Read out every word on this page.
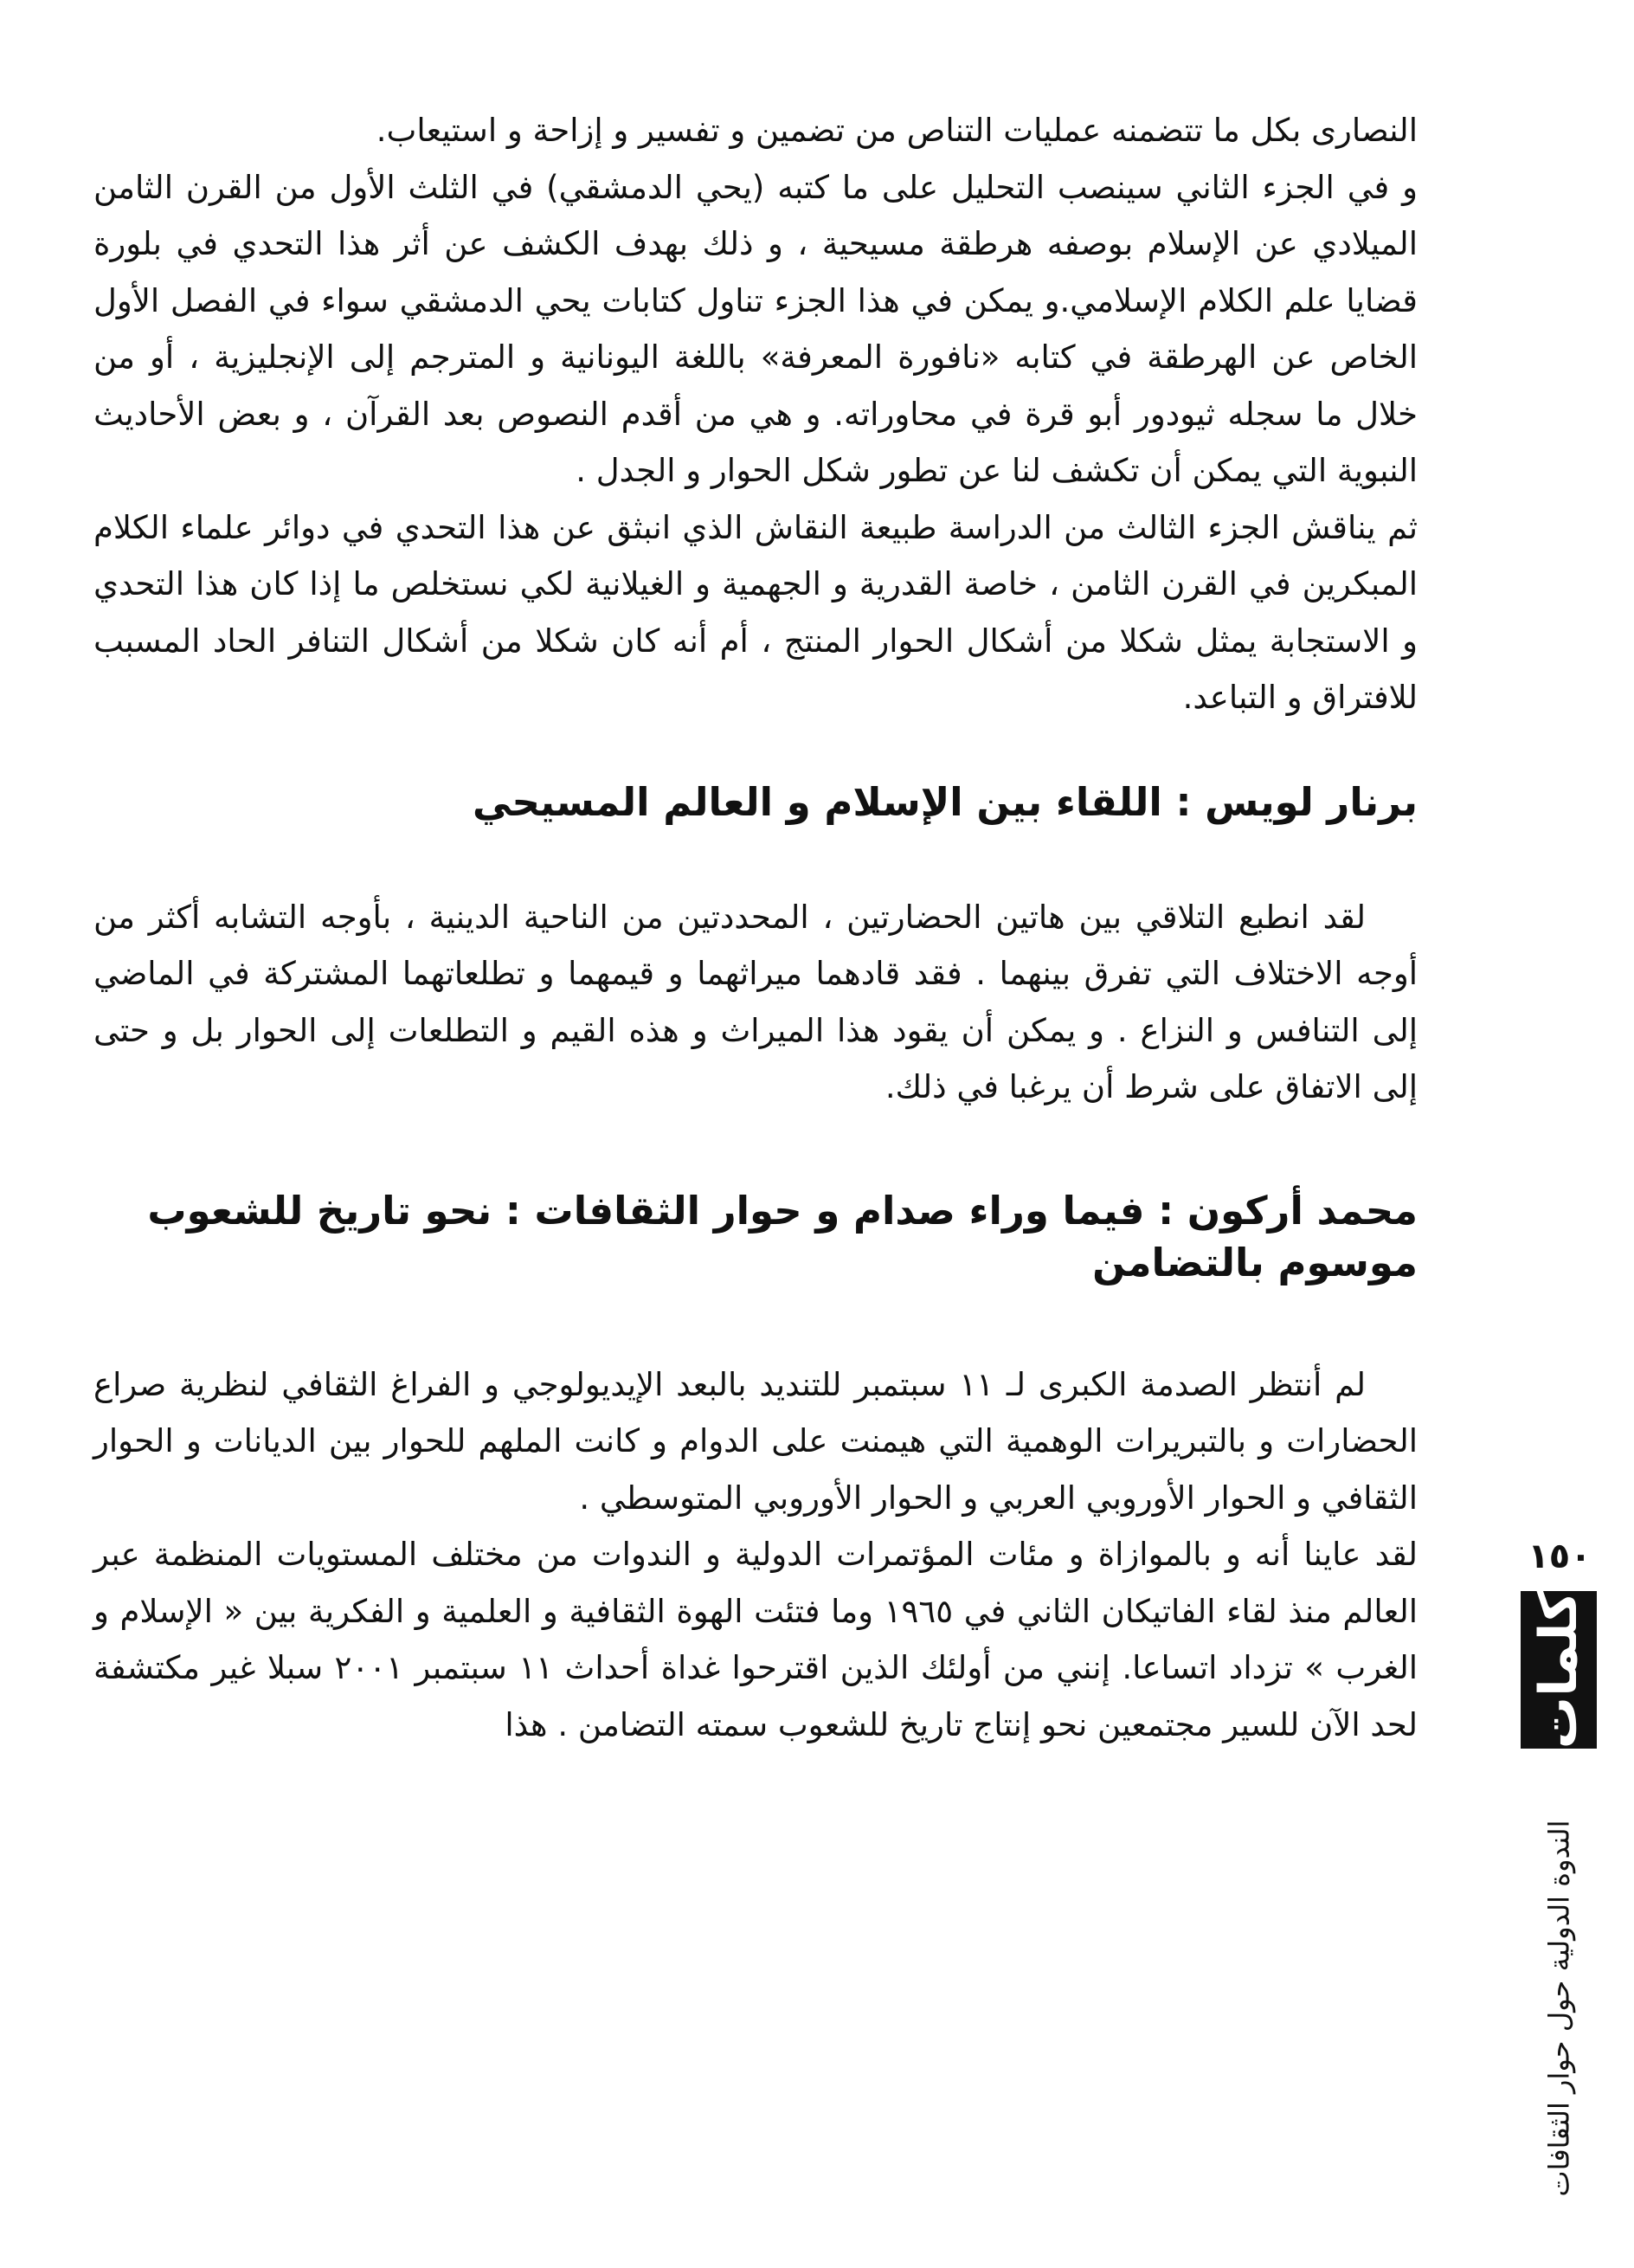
النصارى بكل ما تتضمنه عمليات التناص من تضمين و تفسير و إزاحة و استيعاب.

و في الجزء الثاني سينصب التحليل على ما كتبه (يحي الدمشقي) في الثلث الأول من القرن الثامن الميلادي عن الإسلام بوصفه هرطقة مسيحية ، و ذلك بهدف الكشف عن أثر هذا التحدي في بلورة قضايا علم الكلام الإسلامي.و يمكن في هذا الجزء تناول كتابات يحي الدمشقي سواء في الفصل الأول الخاص عن الهرطقة في كتابه «نافورة المعرفة» باللغة اليونانية و المترجم إلى الإنجليزية ، أو من خلال ما سجله ثيودور أبو قرة في محاوراته. و هي من أقدم النصوص بعد القرآن ، و بعض الأحاديث النبوية التي يمكن أن تكشف لنا عن تطور شكل الحوار و الجدل .

ثم يناقش الجزء الثالث من الدراسة طبيعة النقاش الذي انبثق عن هذا التحدي في دوائر علماء الكلام المبكرين في القرن الثامن ، خاصة القدرية و الجهمية و الغيلانية لكي نستخلص ما إذا كان هذا التحدي و الاستجابة يمثل شكلا من أشكال الحوار المنتج ، أم أنه كان شكلا من أشكال التنافر الحاد المسبب للافتراق و التباعد.

برنار لويس : اللقاء بين الإسلام و العالم المسيحي

لقد انطبع التلاقي بين هاتين الحضارتين ، المحددتين من الناحية الدينية ، بأوجه التشابه أكثر من أوجه الاختلاف التي تفرق بينهما . فقد قادهما ميراثهما و قيمهما و تطلعاتهما المشتركة في الماضي إلى التنافس و النزاع . و يمكن أن يقود هذا الميراث و هذه القيم و التطلعات إلى الحوار بل و حتى إلى الاتفاق على شرط أن يرغبا في ذلك.

محمد أركون : فيما وراء صدام و حوار الثقافات : نحو تاريخ للشعوب موسوم بالتضامن

لم أنتظر الصدمة الكبرى لـ ١١ سبتمبر للتنديد بالبعد الإيديولوجي و الفراغ الثقافي لنظرية صراع الحضارات و بالتبريرات الوهمية التي هيمنت على الدوام و كانت الملهم للحوار بين الديانات و الحوار الثقافي و الحوار الأوروبي العربي و الحوار الأوروبي المتوسطي .

لقد عاينا أنه و بالموازاة و مئات المؤتمرات الدولية و الندوات من مختلف المستويات المنظمة عبر العالم منذ لقاء الفاتيكان الثاني في ١٩٦٥ وما فتئت الهوة الثقافية و العلمية و الفكرية بين « الإسلام و الغرب » تزداد اتساعا. إنني من أولئك الذين اقترحوا غداة أحداث ١١ سبتمبر ٢٠٠١ سبلا غير مكتشفة لحد الآن للسير مجتمعين نحو إنتاج تاريخ للشعوب سمته التضامن . هذا

١٥٠
كلمات
الندوة الدولية حول حوار الثقافات
